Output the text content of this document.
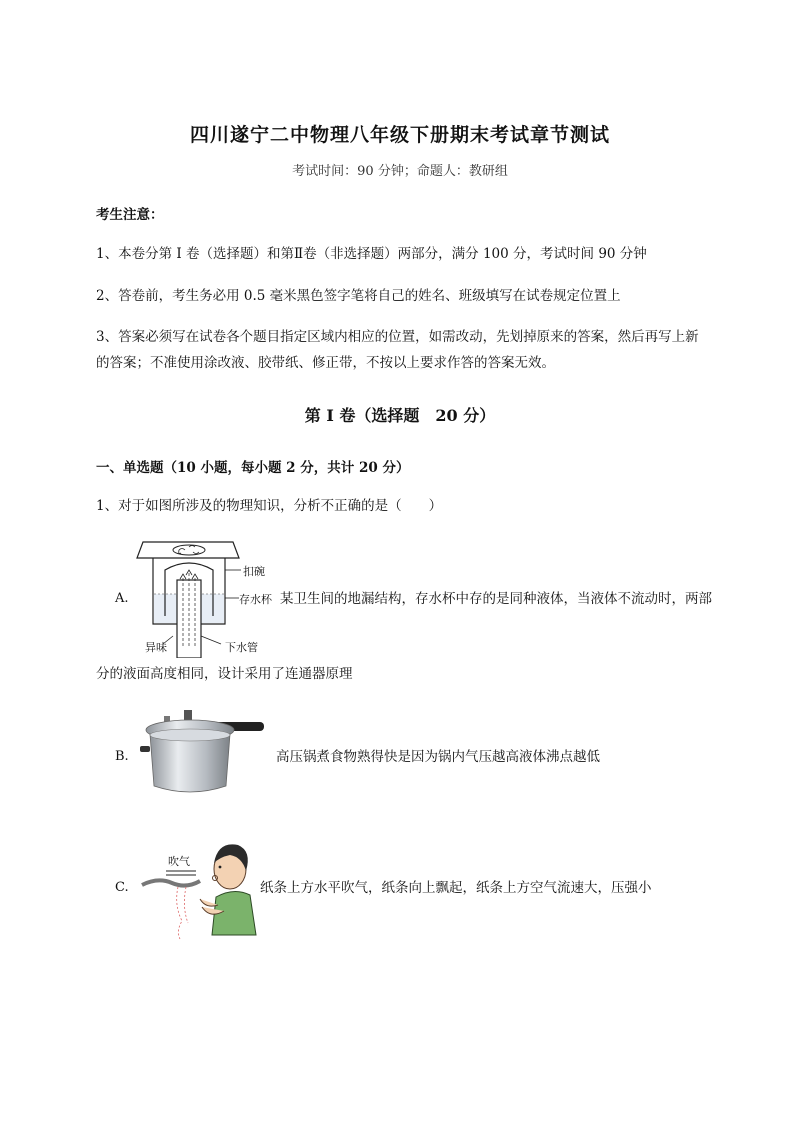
四川遂宁二中物理八年级下册期末考试章节测试
考试时间：90 分钟；命题人：教研组
考生注意：
1、本卷分第 I 卷（选择题）和第Ⅱ卷（非选择题）两部分，满分 100 分，考试时间 90 分钟
2、答卷前，考生务必用 0.5 毫米黑色签字笔将自己的姓名、班级填写在试卷规定位置上
3、答案必须写在试卷各个题目指定区域内相应的位置，如需改动，先划掉原来的答案，然后再写上新
的答案；不准使用涂改液、胶带纸、修正带，不按以上要求作答的答案无效。
第 I 卷（选择题　20 分）
一、单选题（10 小题，每小题 2 分，共计 20 分）
1、对于如图所涉及的物理知识，分析不正确的是（　　）
A.
扣碗
存水杯
异味	下水管
某卫生间的地漏结构，存水杯中存的是同种液体，当液体不流动时，两部
分的液面高度相同，设计采用了连通器原理
B.	高压锅煮食物熟得快是因为锅内气压越高液体沸点越低
C.
吹气
纸条上方水平吹气，纸条向上飘起，纸条上方空气流速大，压强小
